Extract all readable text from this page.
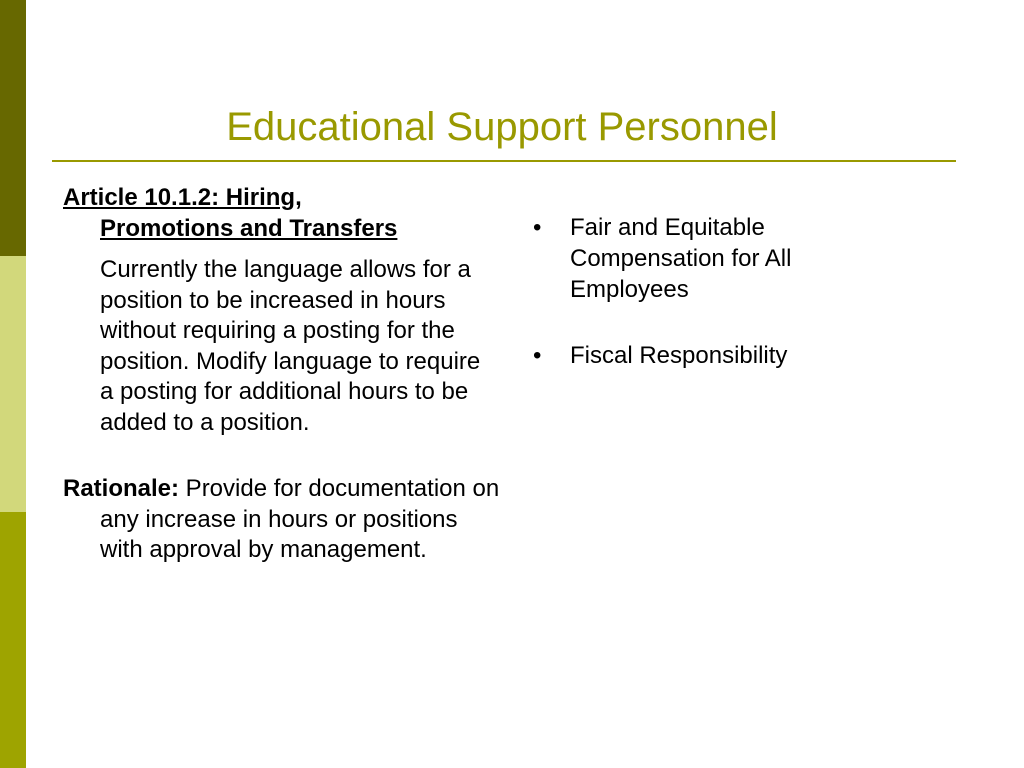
Educational Support Personnel
Article 10.1.2: Hiring,
Promotions and Transfers
Currently the language allows for a position to be increased in hours without requiring a posting for the position. Modify language to require a posting for additional hours to be added to a position.
Rationale: Provide for documentation on any increase in hours or positions with approval by management.
•	Fair and Equitable Compensation for All Employees
•	Fiscal Responsibility
